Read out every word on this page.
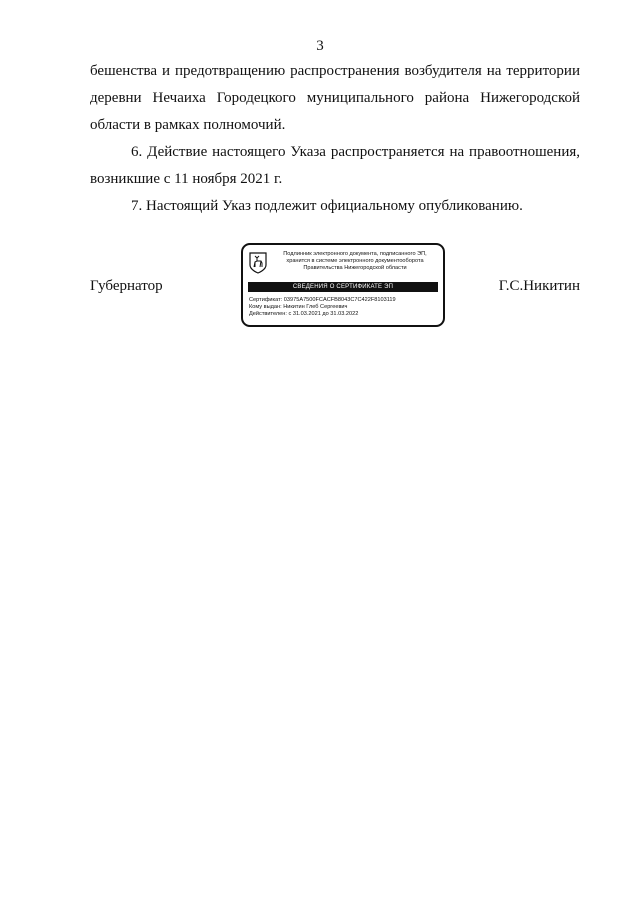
3

бешенства и предотвращению распространения возбудителя на территории

деревни Нечаиха Городецкого муниципального района Нижегородской

области в рамках полномочий.

6. Действие настоящего Указа распространяется на правоотношения,

возникшие с 11 ноября 2021 г.

7. Настоящий Указ подлежит официальному опубликованию.

Губернатор	Г.С.Никитин
Подлинник электронного документа, подписанного ЭП,
хранится в системе электронного документооборота
Правительства Нижегородской области
СВЕДЕНИЯ О СЕРТИФИКАТЕ ЭП
Сертификат: 03975A7500FCACFB8043C7C422F8103119
Кому выдан: Никитин Глеб Сергеевич
Действителен: с 31.03.2021 до 31.03.2022
